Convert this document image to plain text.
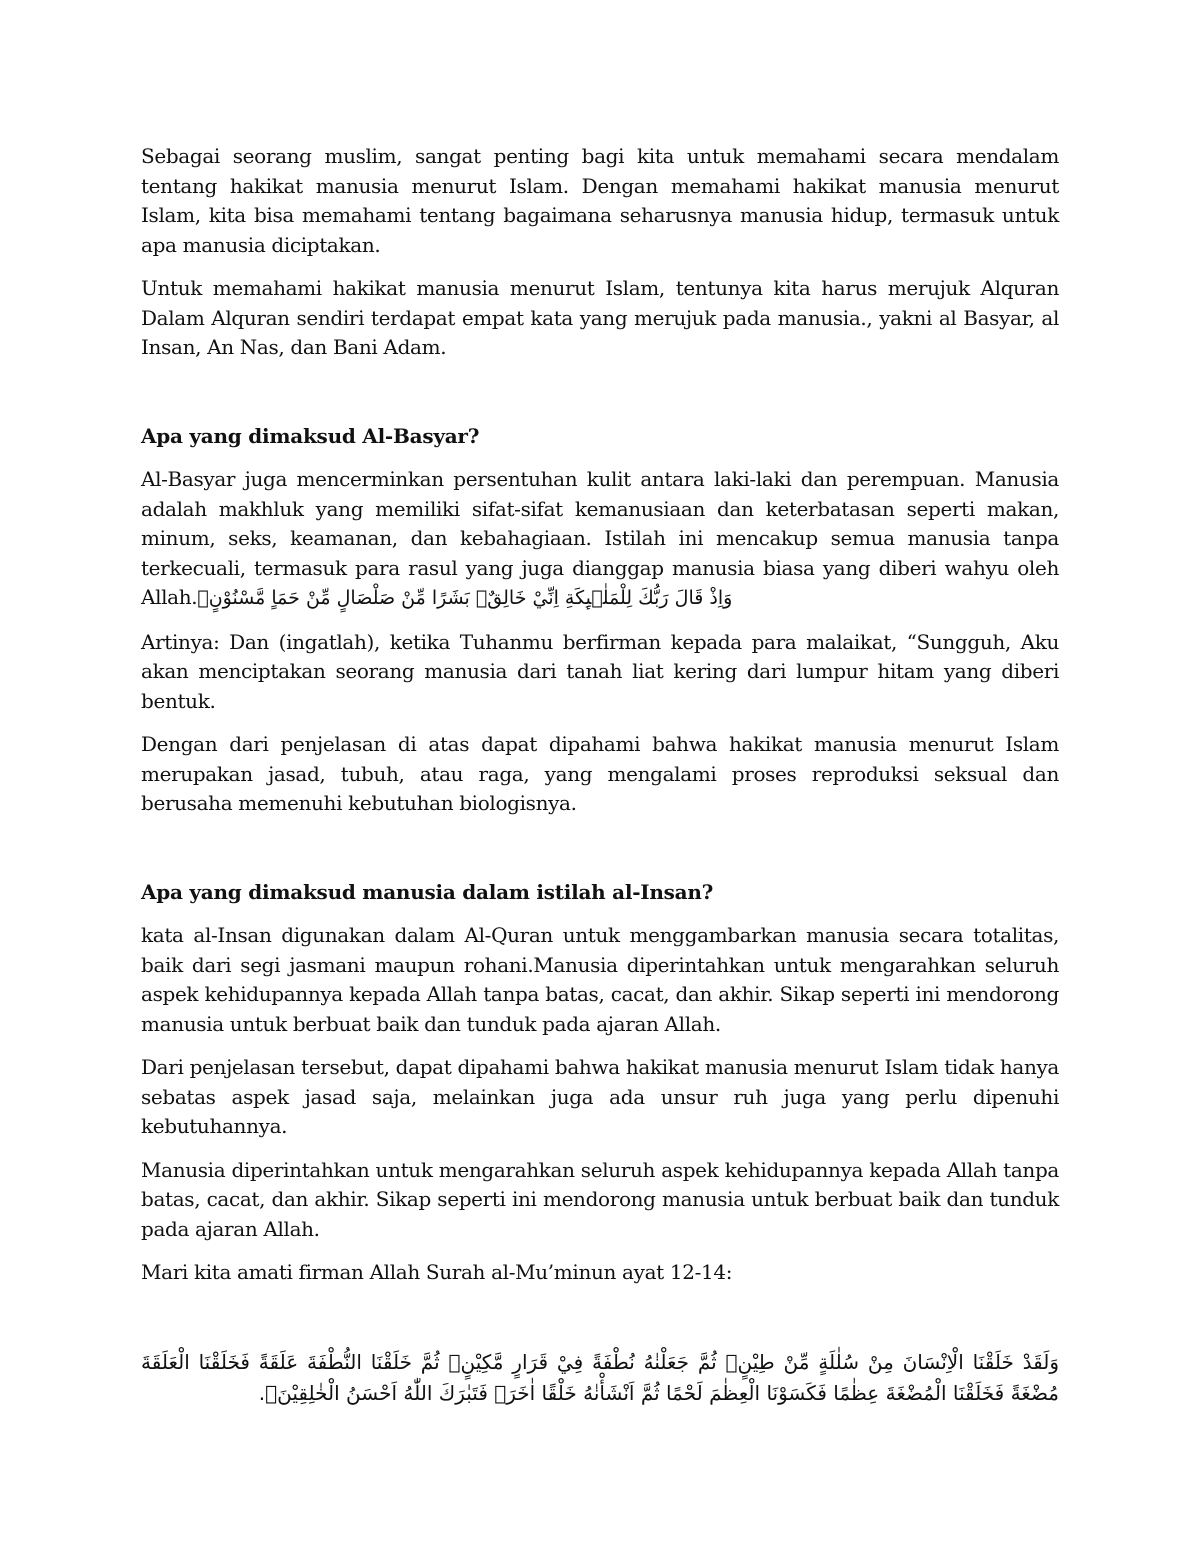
Sebagai seorang muslim, sangat penting bagi kita untuk memahami secara mendalam tentang hakikat manusia menurut Islam. Dengan memahami hakikat manusia menurut Islam, kita bisa memahami tentang bagaimana seharusnya manusia hidup, termasuk untuk apa manusia diciptakan.

Untuk memahami hakikat manusia menurut Islam, tentunya kita harus merujuk Alquran Dalam Alquran sendiri terdapat empat kata yang merujuk pada manusia., yakni al Basyar, al Insan, An Nas, dan Bani Adam.

Apa yang dimaksud Al-Basyar?

Al-Basyar juga mencerminkan persentuhan kulit antara laki-laki dan perempuan. Manusia adalah makhluk yang memiliki sifat-sifat kemanusiaan dan keterbatasan seperti makan, minum, seks, keamanan, dan kebahagiaan. Istilah ini mencakup semua manusia tanpa terkecuali, termasuk para rasul yang juga dianggap manusia biasa yang diberi wahyu oleh Allah.وَاِذْ قَالَ رَبُّكَ لِلْمَلٰۤىِٕكَةِ اِنِّيْ خَالِقٌۢ بَشَرًا مِّنْ صَلْصَالٍ مِّنْ حَمَاٍ مَّسْنُوْنٍۚ

Artinya: Dan (ingatlah), ketika Tuhanmu berfirman kepada para malaikat, “Sungguh, Aku akan menciptakan seorang manusia dari tanah liat kering dari lumpur hitam yang diberi bentuk.

Dengan dari penjelasan di atas dapat dipahami bahwa hakikat manusia menurut Islam merupakan jasad, tubuh, atau raga, yang mengalami proses reproduksi seksual dan berusaha memenuhi kebutuhan biologisnya.

Apa yang dimaksud manusia dalam istilah al-Insan?

kata al-Insan digunakan dalam Al-Quran untuk menggambarkan manusia secara totalitas, baik dari segi jasmani maupun rohani.Manusia diperintahkan untuk mengarahkan seluruh aspek kehidupannya kepada Allah tanpa batas, cacat, dan akhir. Sikap seperti ini mendorong manusia untuk berbuat baik dan tunduk pada ajaran Allah.

Dari penjelasan tersebut, dapat dipahami bahwa hakikat manusia menurut Islam tidak hanya sebatas aspek jasad saja, melainkan juga ada unsur ruh juga yang perlu dipenuhi kebutuhannya.

Manusia diperintahkan untuk mengarahkan seluruh aspek kehidupannya kepada Allah tanpa batas, cacat, dan akhir. Sikap seperti ini mendorong manusia untuk berbuat baik dan tunduk pada ajaran Allah.

Mari kita amati firman Allah Surah al-Mu’minun ayat 12-14:

وَلَقَدْ خَلَقْنَا الْاِنْسَانَ مِنْ سُلٰلَةٍ مِّنْ طِيْنٍۚ ثُمَّ جَعَلْنٰهُ نُطْفَةً فِيْ قَرَارٍ مَّكِيْنٍۖ ثُمَّ خَلَقْنَا النُّطْفَةَ عَلَقَةً فَخَلَقْنَا الْعَلَقَةَ مُضْغَةً فَخَلَقْنَا الْمُضْغَةَ عِظٰمًا فَكَسَوْنَا الْعِظٰمَ لَحْمًا ثُمَّ اَنْشَأْنٰهُ خَلْقًا اٰخَرَۗ فَتَبٰرَكَ اللّٰهُ اَحْسَنُ الْخٰلِقِيْنَۗ.
